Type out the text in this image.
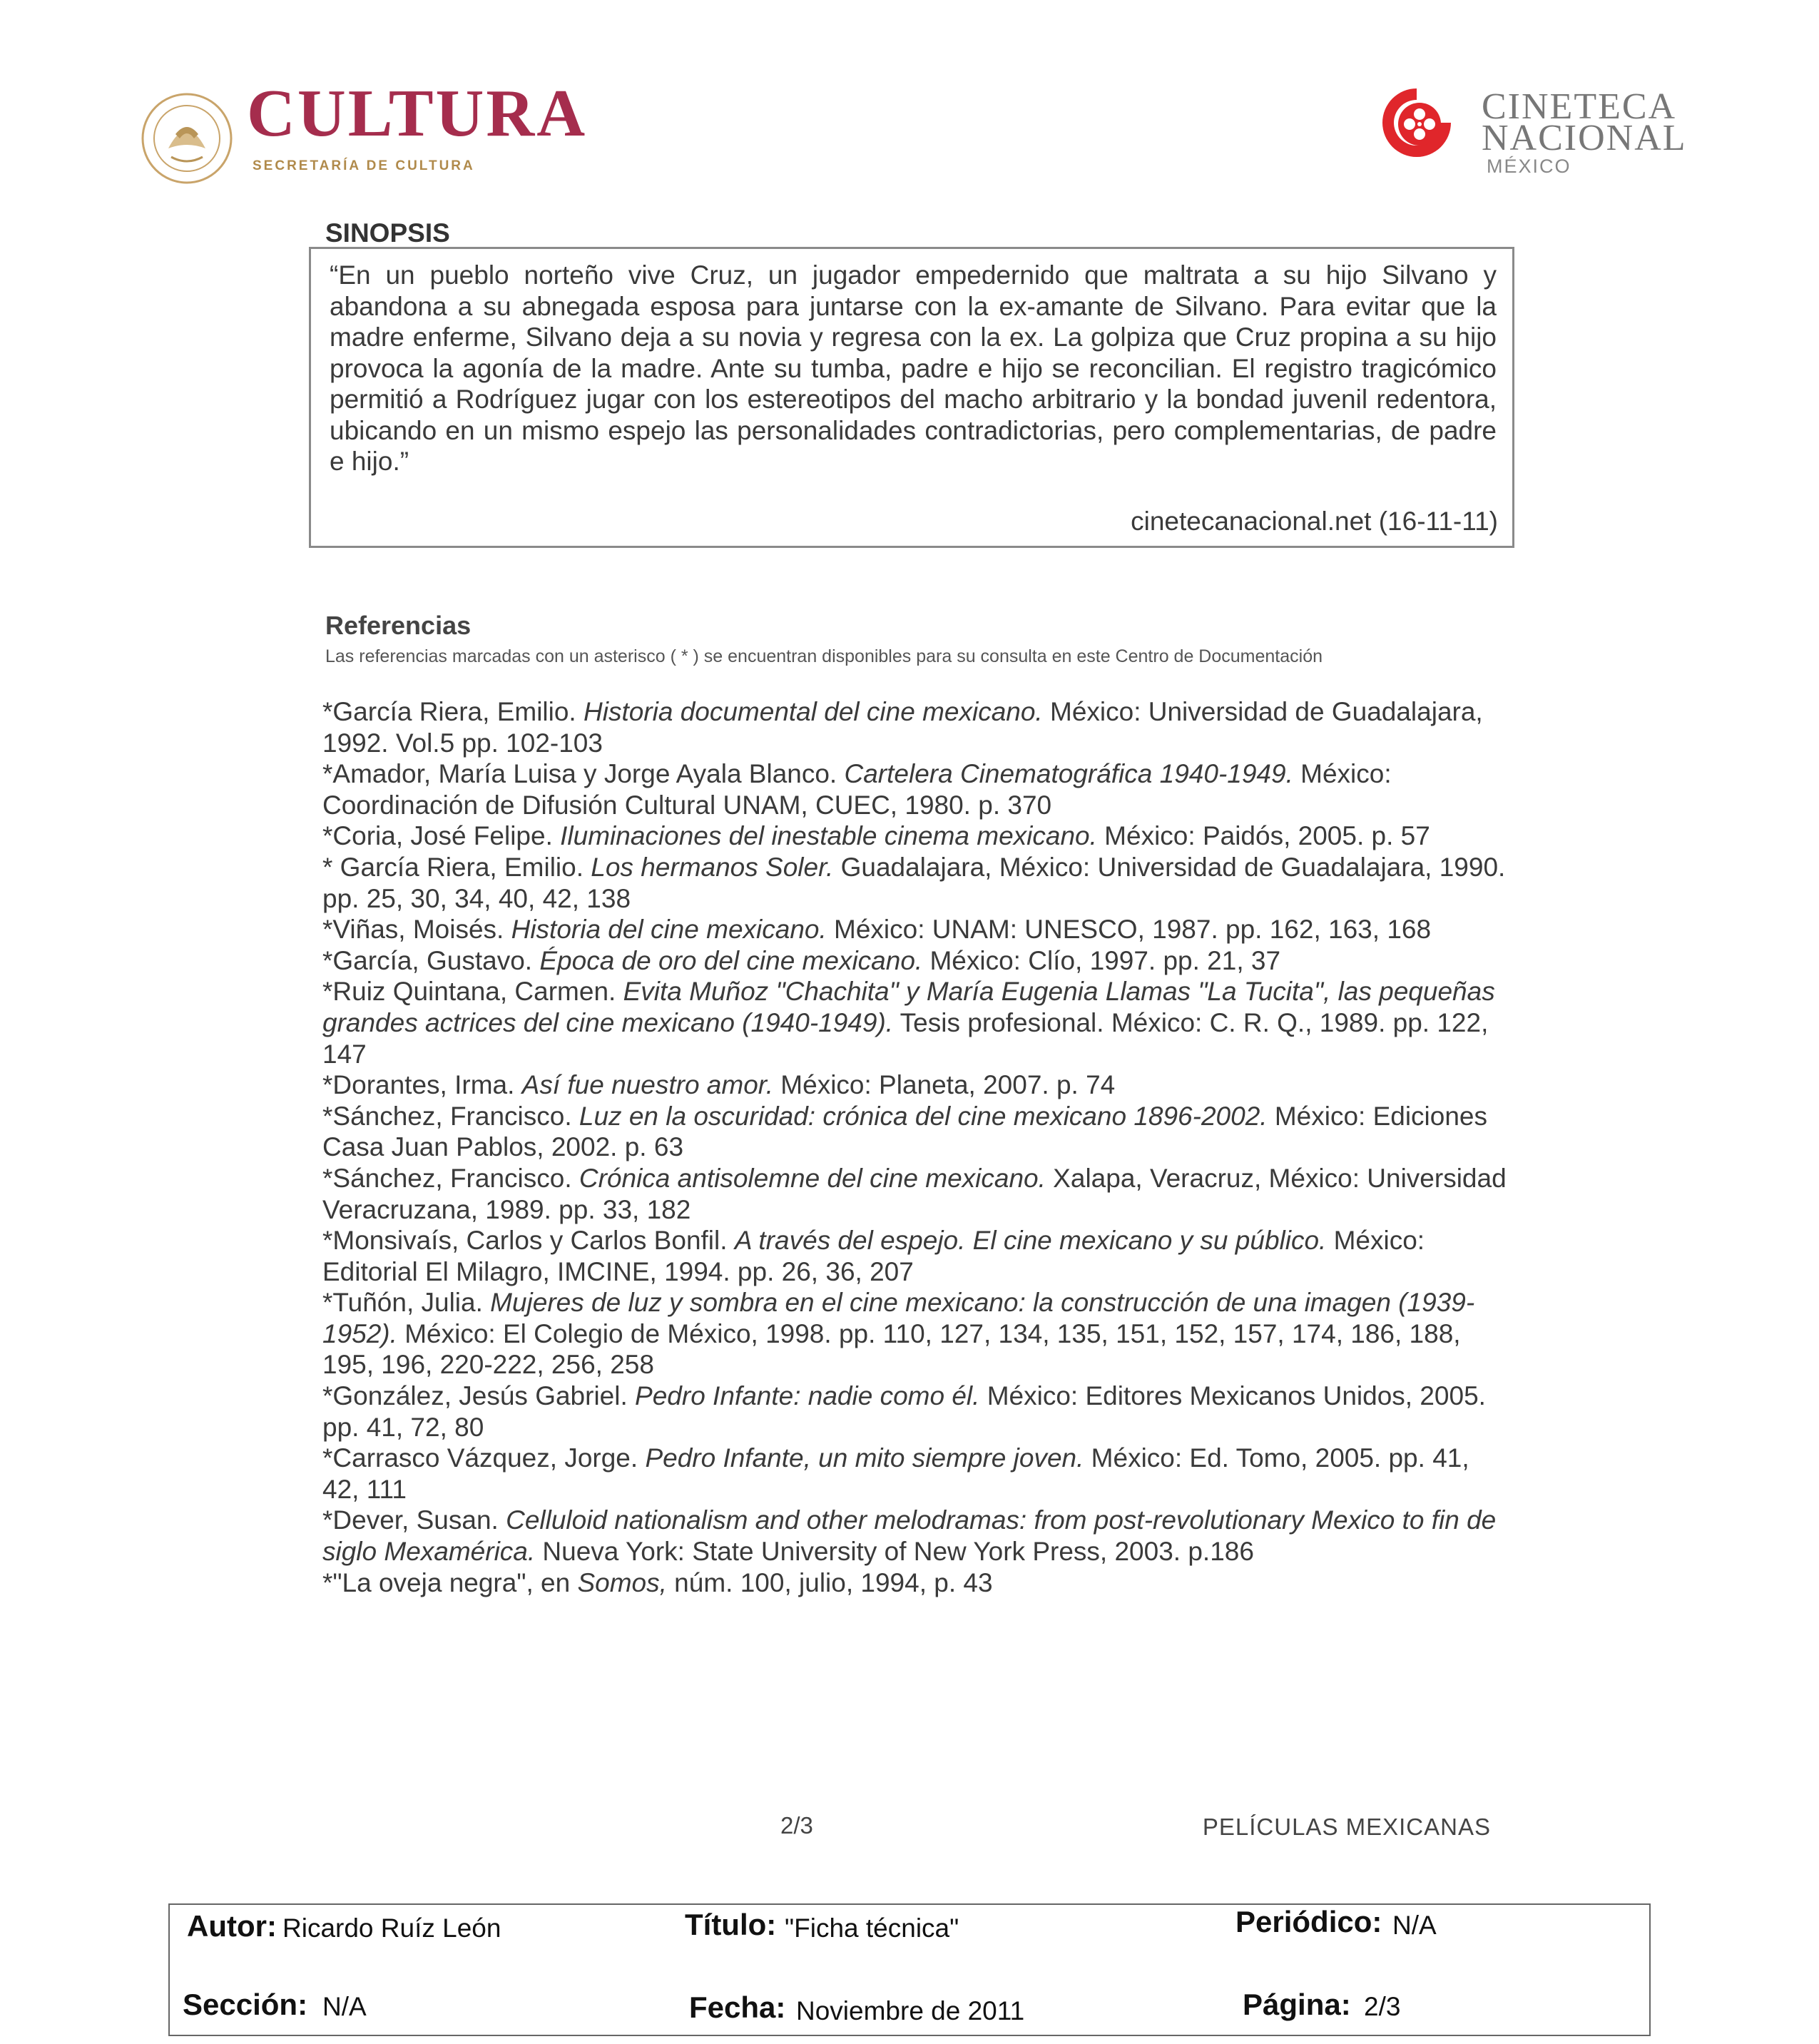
CULTURA
SECRETARÍA DE CULTURA
CINETECA
NACIONAL
MÉXICO
SINOPSIS
“En un pueblo norteño vive Cruz, un jugador empedernido que maltrata a su hijo Silvano y abandona a su abnegada esposa para juntarse con la ex-amante de Silvano. Para evitar que la madre enferme, Silvano deja a su novia y regresa con la ex. La golpiza que Cruz propina a su hijo provoca la agonía de la madre. Ante su tumba, padre e hijo se reconcilian. El registro tragicómico permitió a Rodríguez jugar con los estereotipos del macho arbitrario y la bondad juvenil redentora, ubicando en un mismo espejo las personalidades contradictorias, pero complementarias, de padre e hijo.”
cinetecanacional.net (16-11-11)
Referencias
Las referencias marcadas con un asterisco ( * ) se encuentran disponibles para su consulta en este Centro de Documentación

*García Riera, Emilio. Historia documental del cine mexicano. México: Universidad de Guadalajara, 1992. Vol.5 pp. 102-103

*Amador, María Luisa y Jorge Ayala Blanco. Cartelera Cinematográfica 1940-1949. México: Coordinación de Difusión Cultural UNAM, CUEC, 1980. p. 370

*Coria, José Felipe. Iluminaciones del inestable cinema mexicano. México: Paidós, 2005. p. 57

* García Riera, Emilio. Los hermanos Soler. Guadalajara, México: Universidad de Guadalajara, 1990. pp. 25, 30, 34, 40, 42, 138

*Viñas, Moisés. Historia del cine mexicano. México: UNAM: UNESCO, 1987. pp. 162, 163, 168

*García, Gustavo. Época de oro del cine mexicano. México: Clío, 1997. pp. 21, 37

*Ruiz Quintana, Carmen. Evita Muñoz "Chachita" y María Eugenia Llamas "La Tucita", las pequeñas grandes actrices del cine mexicano (1940-1949). Tesis profesional. México: C. R. Q., 1989. pp. 122, 147

*Dorantes, Irma. Así fue nuestro amor. México: Planeta, 2007. p. 74

*Sánchez, Francisco. Luz en la oscuridad: crónica del cine mexicano 1896-2002. México: Ediciones Casa Juan Pablos, 2002. p. 63

*Sánchez, Francisco. Crónica antisolemne del cine mexicano. Xalapa, Veracruz, México: Universidad Veracruzana, 1989. pp. 33, 182

*Monsivaís, Carlos y Carlos Bonfil. A través del espejo. El cine mexicano y su público. México: Editorial El Milagro, IMCINE, 1994. pp. 26, 36, 207

*Tuñón, Julia. Mujeres de luz y sombra en el cine mexicano: la construcción de una imagen (1939-1952). México: El Colegio de México, 1998. pp. 110, 127, 134, 135, 151, 152, 157, 174, 186, 188, 195, 196, 220-222, 256, 258

*González, Jesús Gabriel. Pedro Infante: nadie como él. México: Editores Mexicanos Unidos, 2005. pp. 41, 72, 80

*Carrasco Vázquez, Jorge. Pedro Infante, un mito siempre joven. México: Ed. Tomo, 2005. pp. 41, 42, 111

*Dever, Susan. Celluloid nationalism and other melodramas: from post-revolutionary Mexico to fin de siglo Mexamérica. Nueva York: State University of New York Press, 2003. p.186

*"La oveja negra", en Somos, núm. 100, julio, 1994, p. 43

2/3	PELÍCULAS MEXICANAS
Autor: Ricardo Ruíz León	Título: "Ficha técnica"	Periódico: N/A
Sección: N/A	Fecha: Noviembre de 2011	Página: 2/3
